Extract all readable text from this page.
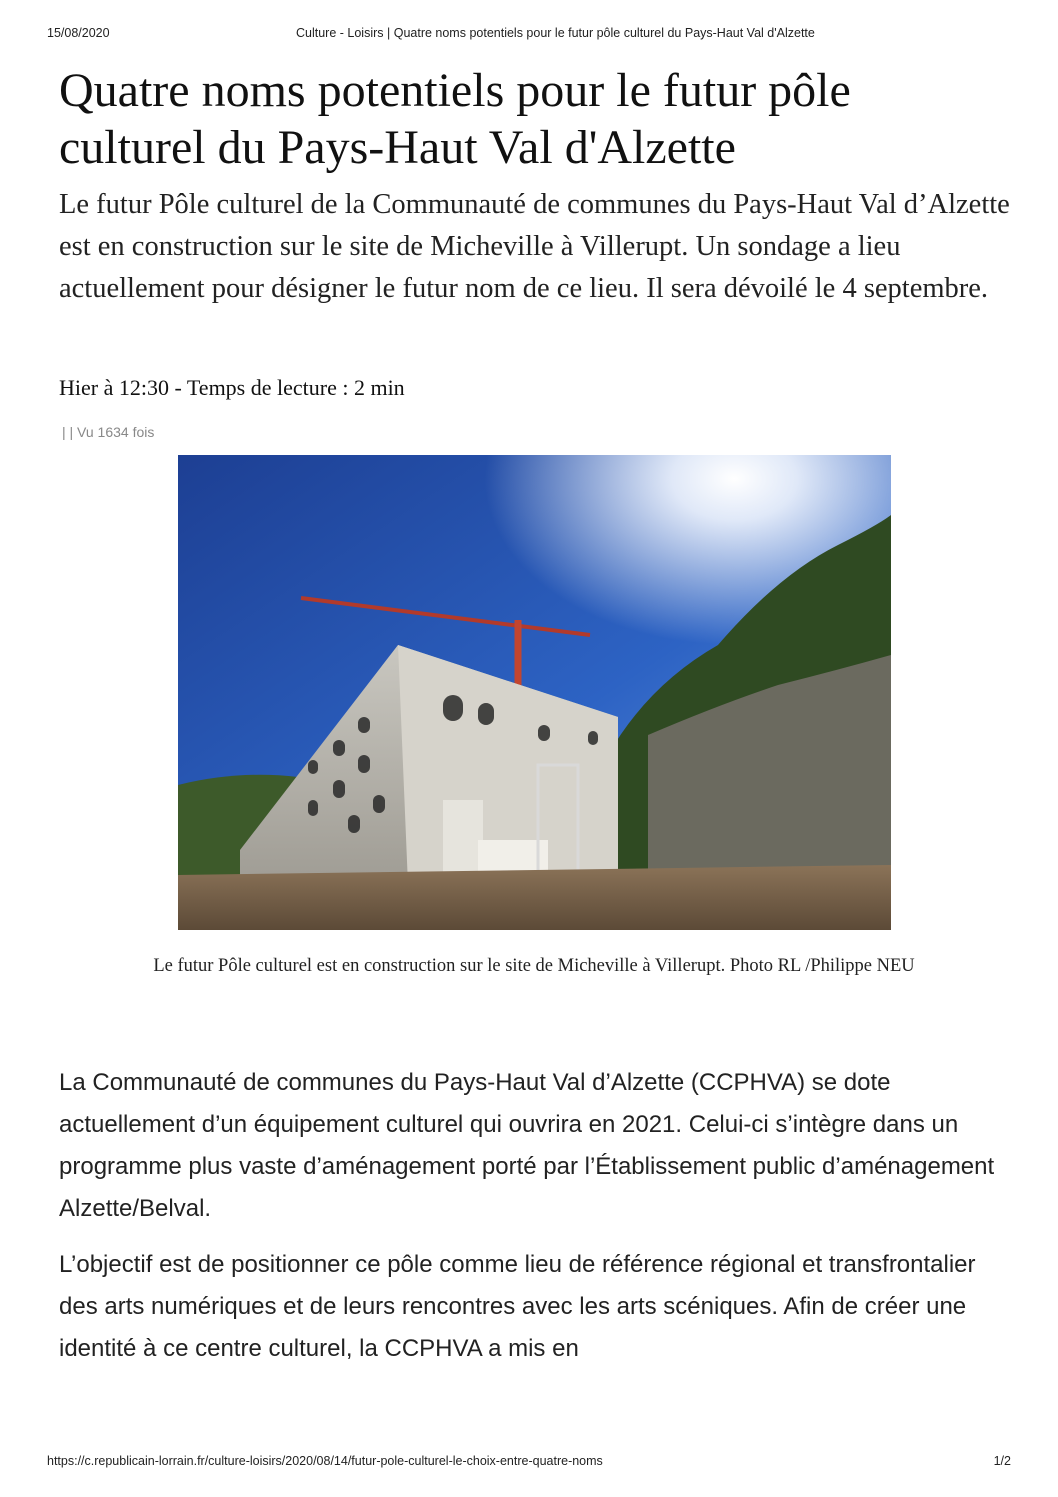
15/08/2020	Culture - Loisirs | Quatre noms potentiels pour le futur pôle culturel du Pays-Haut Val d'Alzette
Quatre noms potentiels pour le futur pôle
culturel du Pays-Haut Val d'Alzette

Le futur Pôle culturel de la Communauté de communes du Pays-Haut Val d’Alzette est en construction sur le site de Micheville à Villerupt. Un sondage a lieu actuellement pour désigner le futur nom de ce lieu. Il sera dévoilé le 4 septembre.

Hier à 12:30 - Temps de lecture : 2 min
| | Vu 1634 fois
Le futur Pôle culturel est en construction sur le site de Micheville à Villerupt. Photo RL /Philippe NEU

La Communauté de communes du Pays-Haut Val d’Alzette (CCPHVA) se dote actuellement d’un équipement culturel qui ouvrira en 2021. Celui-ci s’intègre dans un programme plus vaste d’aménagement porté par l’Établissement public d’aménagement Alzette/Belval.

L’objectif est de positionner ce pôle comme lieu de référence régional et transfrontalier des arts numériques et de leurs rencontres avec les arts scéniques. Afin de créer une identité à ce centre culturel, la CCPHVA a mis en

https://c.republicain-lorrain.fr/culture-loisirs/2020/08/14/futur-pole-culturel-le-choix-entre-quatre-noms	1/2
